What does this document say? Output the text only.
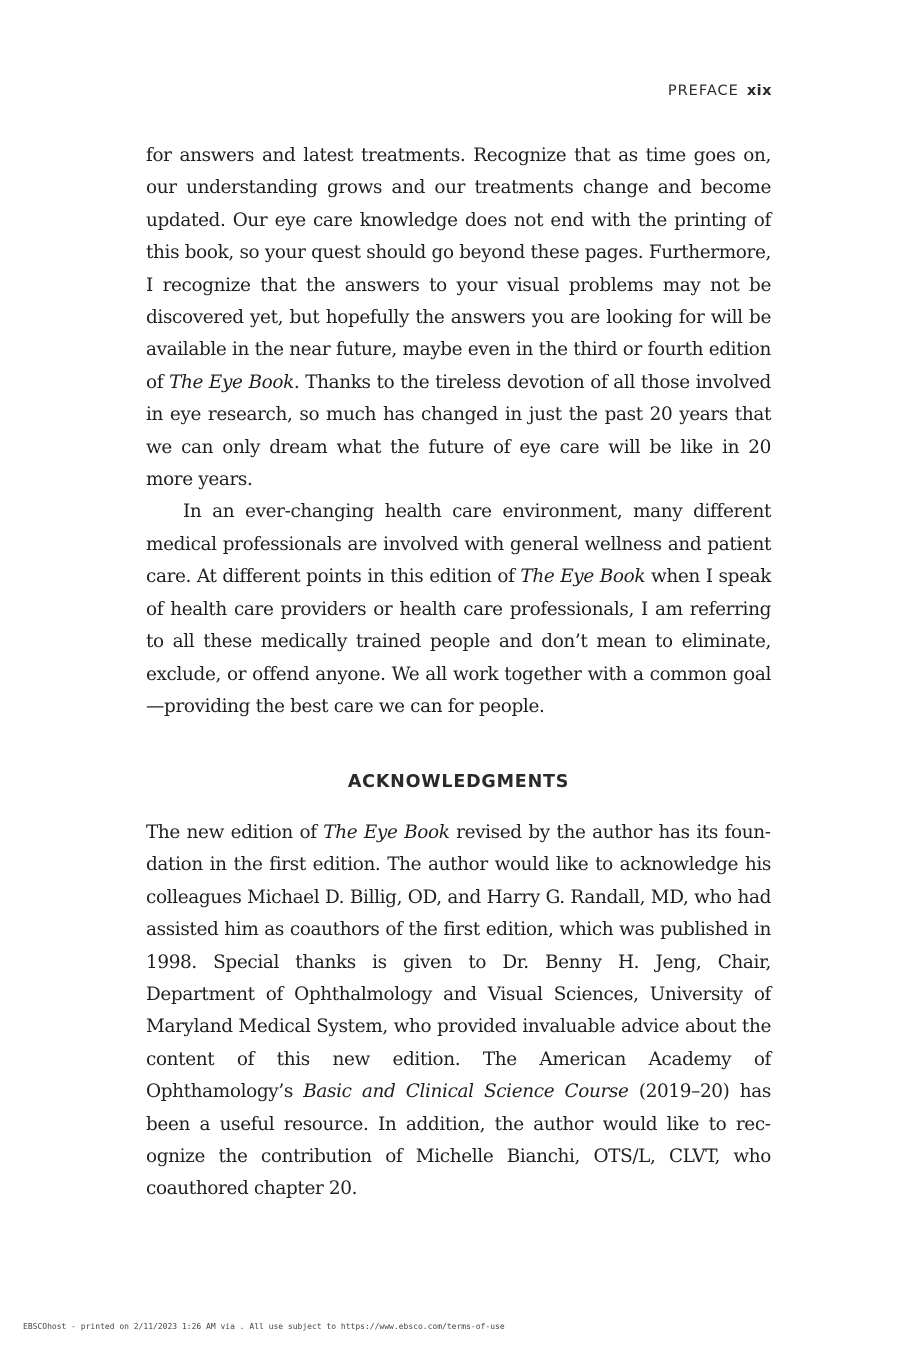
PREFACE xix

for answers and latest treatments. Recognize that as time goes on, our understanding grows and our treatments change and become updated. Our eye care knowledge does not end with the printing of this book, so your quest should go beyond these pages. Furthermore, I recognize that the answers to your visual problems may not be discovered yet, but hopefully the answers you are looking for will be available in the near future, maybe even in the third or fourth edition of The Eye Book. Thanks to the tireless devotion of all those involved in eye research, so much has changed in just the past 20 years that we can only dream what the future of eye care will be like in 20 more years.

In an ever-changing health care environment, many different medical professionals are involved with general wellness and patient care. At different points in this edition of The Eye Book when I speak of health care providers or health care professionals, I am referring to all these medically trained people and don’t mean to eliminate, exclude, or offend anyone. We all work together with a common goal—providing the best care we can for people.

ACKNOWLEDGMENTS

The new edition of The Eye Book revised by the author has its foundation in the first edition. The author would like to acknowledge his colleagues Michael D. Billig, OD, and Harry G. Randall, MD, who had assisted him as coauthors of the first edition, which was published in 1998. Special thanks is given to Dr. Benny H. Jeng, Chair, Department of Ophthalmology and Visual Sciences, University of Maryland Medical System, who provided invaluable advice about the content of this new edition. The American Academy of Ophthamology’s Basic and Clinical Science Course (2019–20) has been a useful resource. In addition, the author would like to recognize the contribution of Michelle Bianchi, OTS/L, CLVT, who coauthored chapter 20.

EBSCOhost - printed on 2/11/2023 1:26 AM via . All use subject to https://www.ebsco.com/terms-of-use
